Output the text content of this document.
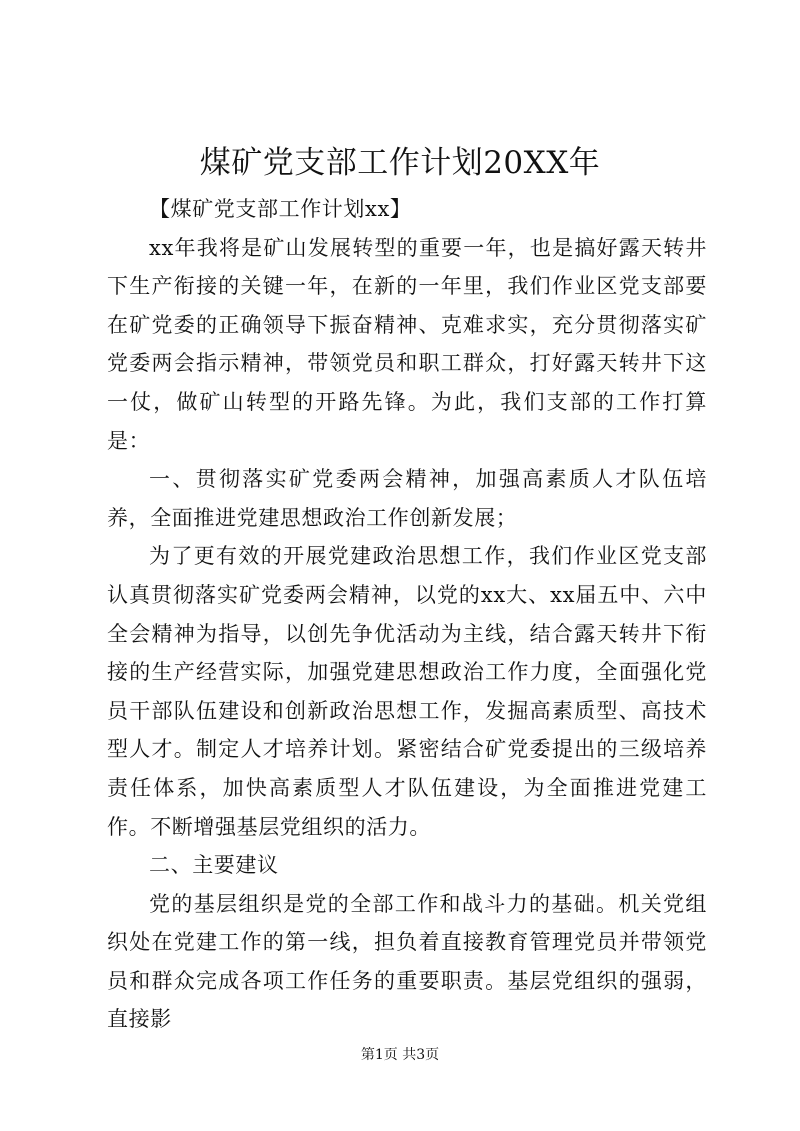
煤矿党支部工作计划20XX年

【煤矿党支部工作计划xx】

xx年我将是矿山发展转型的重要一年，也是搞好露天转井下生产衔接的关键一年，在新的一年里，我们作业区党支部要在矿党委的正确领导下振奋精神、克难求实，充分贯彻落实矿党委两会指示精神，带领党员和职工群众，打好露天转井下这一仗，做矿山转型的开路先锋。为此，我们支部的工作打算是：

一、贯彻落实矿党委两会精神，加强高素质人才队伍培养，全面推进党建思想政治工作创新发展；

为了更有效的开展党建政治思想工作，我们作业区党支部认真贯彻落实矿党委两会精神，以党的xx大、xx届五中、六中全会精神为指导，以创先争优活动为主线，结合露天转井下衔接的生产经营实际，加强党建思想政治工作力度，全面强化党员干部队伍建设和创新政治思想工作，发掘高素质型、高技术型人才。制定人才培养计划。紧密结合矿党委提出的三级培养责任体系，加快高素质型人才队伍建设，为全面推进党建工作。不断增强基层党组织的活力。

二、主要建议

党的基层组织是党的全部工作和战斗力的基础。机关党组织处在党建工作的第一线，担负着直接教育管理党员并带领党员和群众完成各项工作任务的重要职责。基层党组织的强弱，直接影

第1页 共3页
